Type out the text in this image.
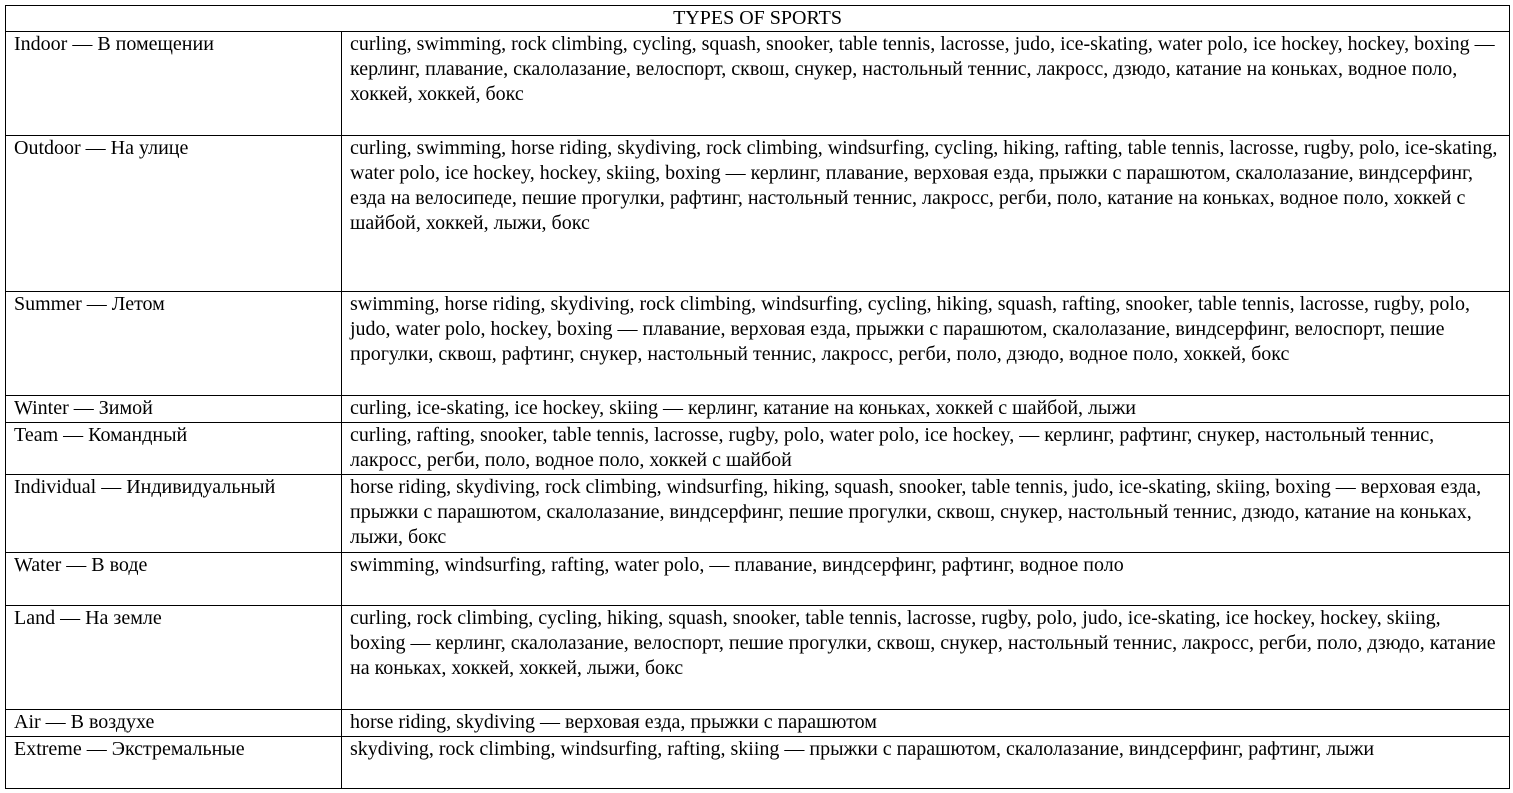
TYPES OF SPORTS	
Indoor — В помещении	curling, swimming, rock climbing, cycling, squash, snooker, table tennis, lacrosse, judo, ice-skating, water polo, ice hockey, hockey, boxing — керлинг, плавание, скалолазание, велоспорт, сквош, снукер, настольный теннис, лакросс, дзюдо, катание на коньках, водное поло, хоккей, хоккей, бокс
Outdoor — На улице	curling, swimming, horse riding, skydiving, rock climbing, windsurfing, cycling, hiking, rafting, table tennis, lacrosse, rugby, polo, ice-skating, water polo, ice hockey, hockey, skiing, boxing — керлинг, плавание, верховая езда, прыжки с парашютом, скалолазание, виндсерфинг, езда на велосипеде, пешие прогулки, рафтинг, настольный теннис, лакросс, регби, поло, катание на коньках, водное поло, хоккей с шайбой, хоккей, лыжи, бокс
Summer — Летом	swimming, horse riding, skydiving, rock climbing, windsurfing, cycling, hiking, squash, rafting, snooker, table tennis, lacrosse, rugby, polo, judo, water polo, hockey, boxing — плавание, верховая езда, прыжки с парашютом, скалолазание, виндсерфинг, велоспорт, пешие прогулки, сквош, рафтинг, снукер, настольный теннис, лакросс, регби, поло, дзюдо, водное поло, хоккей, бокс
Winter — Зимой	curling, ice-skating, ice hockey, skiing — керлинг, катание на коньках, хоккей с шайбой, лыжи
Team — Командный	curling, rafting, snooker, table tennis, lacrosse, rugby, polo, water polo, ice hockey, — керлинг, рафтинг, снукер, настольный теннис, лакросс, регби, поло, водное поло, хоккей с шайбой
Individual — Индивидуальный	horse riding, skydiving, rock climbing, windsurfing, hiking, squash, snooker, table tennis, judo, ice-skating, skiing, boxing — верховая езда, прыжки с парашютом, скалолазание, виндсерфинг, пешие прогулки, сквош, снукер, настольный теннис, дзюдо, катание на коньках, лыжи, бокс
Water — В воде	swimming, windsurfing, rafting, water polo, — плавание, виндсерфинг, рафтинг, водное поло
Land — На земле	curling, rock climbing, cycling, hiking, squash, snooker, table tennis, lacrosse, rugby, polo, judo, ice-skating, ice hockey, hockey, skiing, boxing — керлинг, скалолазание, велоспорт, пешие прогулки, сквош, снукер, настольный теннис, лакросс, регби, поло, дзюдо, катание на коньках, хоккей, хоккей, лыжи, бокс
Air — В воздухе	horse riding, skydiving — верховая езда, прыжки с парашютом
Extreme — Экстремальные	skydiving, rock climbing, windsurfing, rafting, skiing — прыжки с парашютом, скалолазание, виндсерфинг, рафтинг, лыжи
